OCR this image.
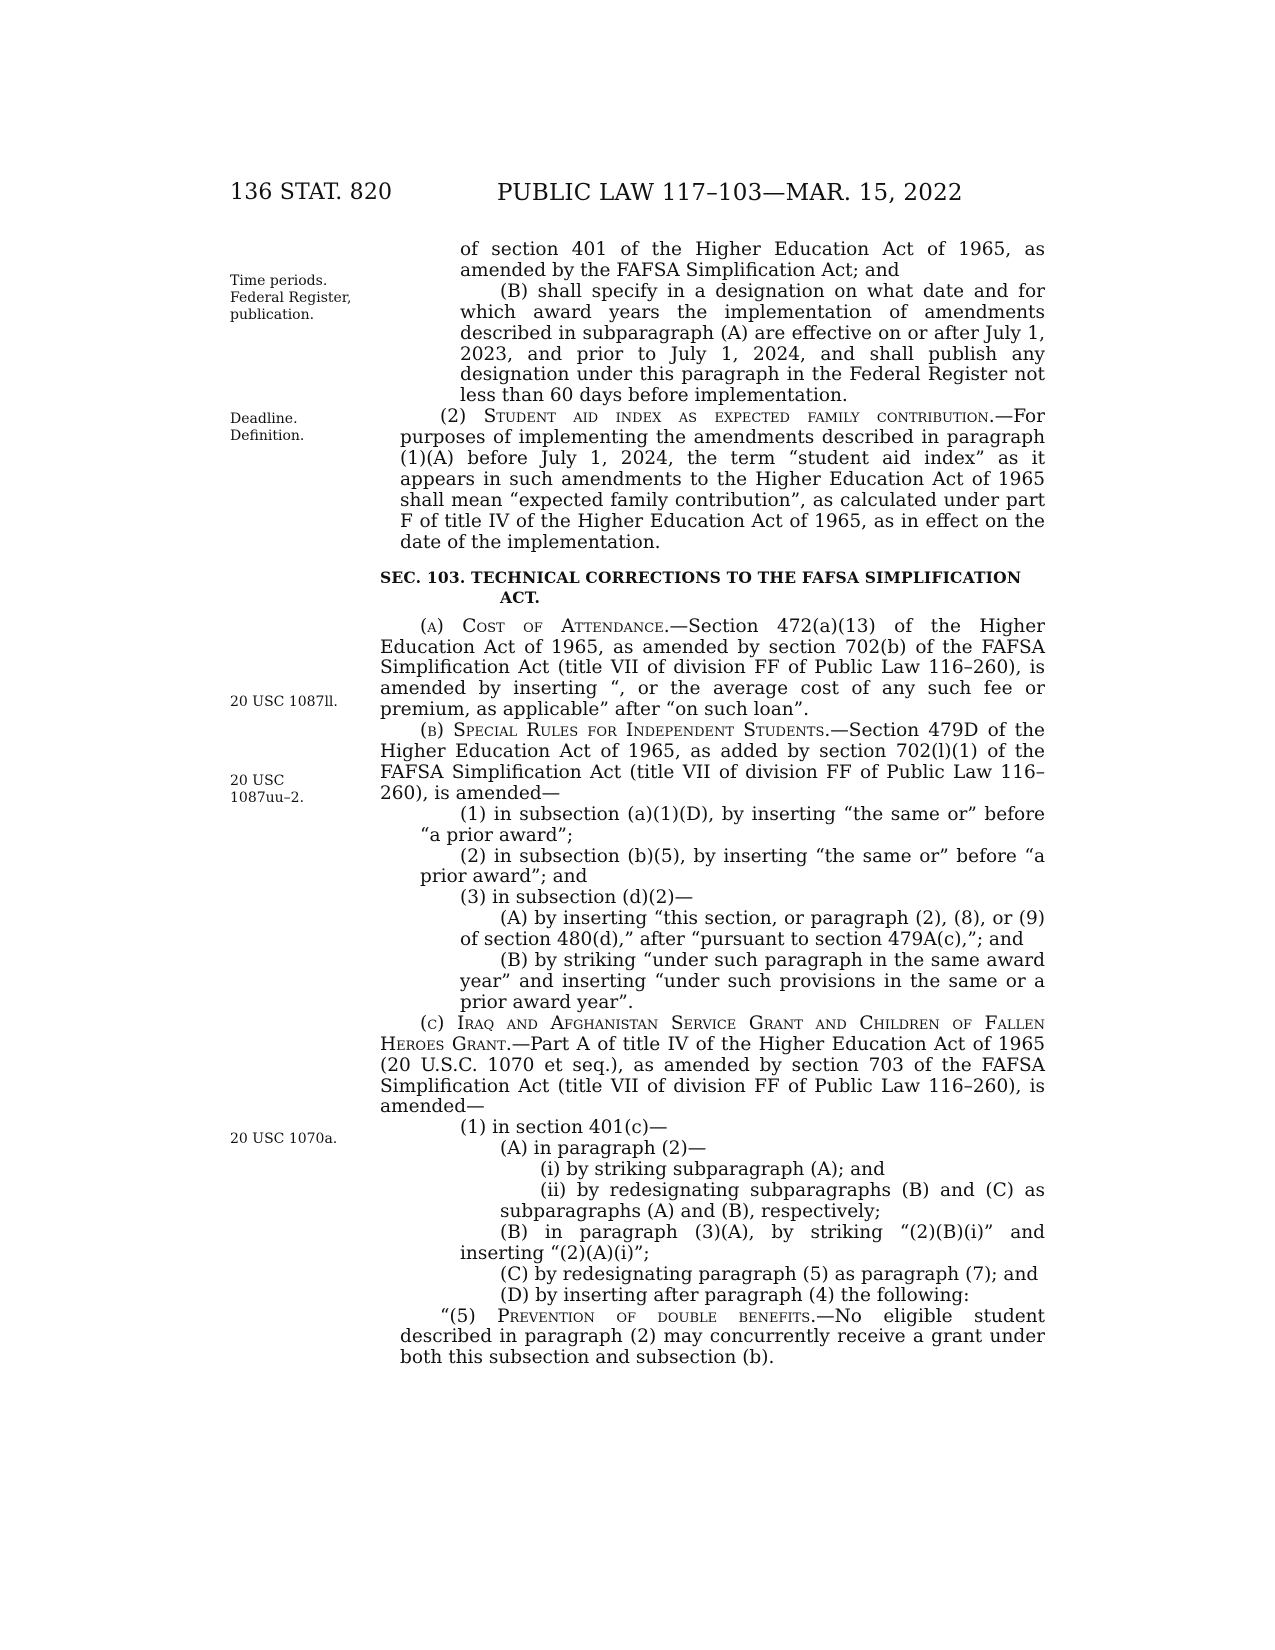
136 STAT. 820	PUBLIC LAW 117–103—MAR. 15, 2022
Time periods.
Federal Register,
publication.
Deadline.
Definition.
20 USC 1087ll.
20 USC
1087uu–2.
20 USC 1070a.

of section 401 of the Higher Education Act of 1965, as amended by the FAFSA Simplification Act; and

(B) shall specify in a designation on what date and for which award years the implementation of amendments described in subparagraph (A) are effective on or after July 1, 2023, and prior to July 1, 2024, and shall publish any designation under this paragraph in the Federal Register not less than 60 days before implementation.

(2) Student aid index as expected family contribution.—For purposes of implementing the amendments described in paragraph (1)(A) before July 1, 2024, the term “student aid index” as it appears in such amendments to the Higher Education Act of 1965 shall mean “expected family contribution”, as calculated under part F of title IV of the Higher Education Act of 1965, as in effect on the date of the implementation.

SEC. 103. TECHNICAL CORRECTIONS TO THE FAFSA SIMPLIFICATION
ACT.

(a) Cost of Attendance.—Section 472(a)(13) of the Higher Education Act of 1965, as amended by section 702(b) of the FAFSA Simplification Act (title VII of division FF of Public Law 116–260), is amended by inserting “, or the average cost of any such fee or premium, as applicable” after “on such loan”.

(b) Special Rules for Independent Students.—Section 479D of the Higher Education Act of 1965, as added by section 702(l)(1) of the FAFSA Simplification Act (title VII of division FF of Public Law 116–260), is amended—

(1) in subsection (a)(1)(D), by inserting “the same or” before “a prior award”;

(2) in subsection (b)(5), by inserting “the same or” before “a prior award”; and

(3) in subsection (d)(2)—

(A) by inserting “this section, or paragraph (2), (8), or (9) of section 480(d),” after “pursuant to section 479A(c),”; and

(B) by striking “under such paragraph in the same award year” and inserting “under such provisions in the same or a prior award year”.

(c) Iraq and Afghanistan Service Grant and Children of Fallen Heroes Grant.—Part A of title IV of the Higher Education Act of 1965 (20 U.S.C. 1070 et seq.), as amended by section 703 of the FAFSA Simplification Act (title VII of division FF of Public Law 116–260), is amended—

(1) in section 401(c)—

(A) in paragraph (2)—

(i) by striking subparagraph (A); and

(ii) by redesignating subparagraphs (B) and (C) as subparagraphs (A) and (B), respectively;

(B) in paragraph (3)(A), by striking “(2)(B)(i)” and inserting “(2)(A)(i)”;

(C) by redesignating paragraph (5) as paragraph (7); and

(D) by inserting after paragraph (4) the following:

“(5) Prevention of double benefits.—No eligible student described in paragraph (2) may concurrently receive a grant under both this subsection and subsection (b).
